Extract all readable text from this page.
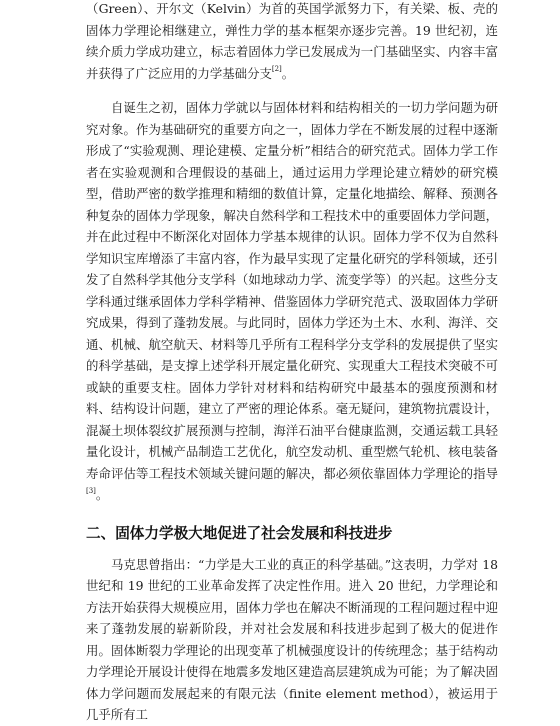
（Green）、开尔文（Kelvin）为首的英国学派努力下，有关梁、板、壳的固体力学理论相继建立，弹性力学的基本框架亦逐步完善。19 世纪初，连续介质力学成功建立，标志着固体力学已发展成为一门基础坚实、内容丰富并获得了广泛应用的力学基础分支[2]。

自诞生之初，固体力学就以与固体材料和结构相关的一切力学问题为研究对象。作为基础研究的重要方向之一，固体力学在不断发展的过程中逐渐形成了“实验观测、理论建模、定量分析”相结合的研究范式。固体力学工作者在实验观测和合理假设的基础上，通过运用力学理论建立精妙的研究模型，借助严密的数学推理和精细的数值计算，定量化地描绘、解释、预测各种复杂的固体力学现象，解决自然科学和工程技术中的重要固体力学问题，并在此过程中不断深化对固体力学基本规律的认识。固体力学不仅为自然科学知识宝库增添了丰富内容，作为最早实现了定量化研究的学科领域，还引发了自然科学其他分支学科（如地球动力学、流变学等）的兴起。这些分支学科通过继承固体力学科学精神、借鉴固体力学研究范式、汲取固体力学研究成果，得到了蓬勃发展。与此同时，固体力学还为土木、水利、海洋、交通、机械、航空航天、材料等几乎所有工程科学分支学科的发展提供了坚实的科学基础，是支撑上述学科开展定量化研究、实现重大工程技术突破不可或缺的重要支柱。固体力学针对材料和结构研究中最基本的强度预测和材料、结构设计问题，建立了严密的理论体系。毫无疑问，建筑物抗震设计，混凝土坝体裂纹扩展预测与控制，海洋石油平台健康监测，交通运载工具轻量化设计，机械产品制造工艺优化，航空发动机、重型燃气轮机、核电装备寿命评估等工程技术领域关键问题的解决，都必须依靠固体力学理论的指导[3]。

二、固体力学极大地促进了社会发展和科技进步

马克思曾指出：“力学是大工业的真正的科学基础。”这表明，力学对 18 世纪和 19 世纪的工业革命发挥了决定性作用。进入 20 世纪，力学理论和方法开始获得大规模应用，固体力学也在解决不断涌现的工程问题过程中迎来了蓬勃发展的崭新阶段，并对社会发展和科技进步起到了极大的促进作用。固体断裂力学理论的出现变革了机械强度设计的传统理念；基于结构动力学理论开展设计使得在地震多发地区建造高层建筑成为可能；为了解决固体力学问题而发展起来的有限元法（finite element method），被运用于几乎所有工
